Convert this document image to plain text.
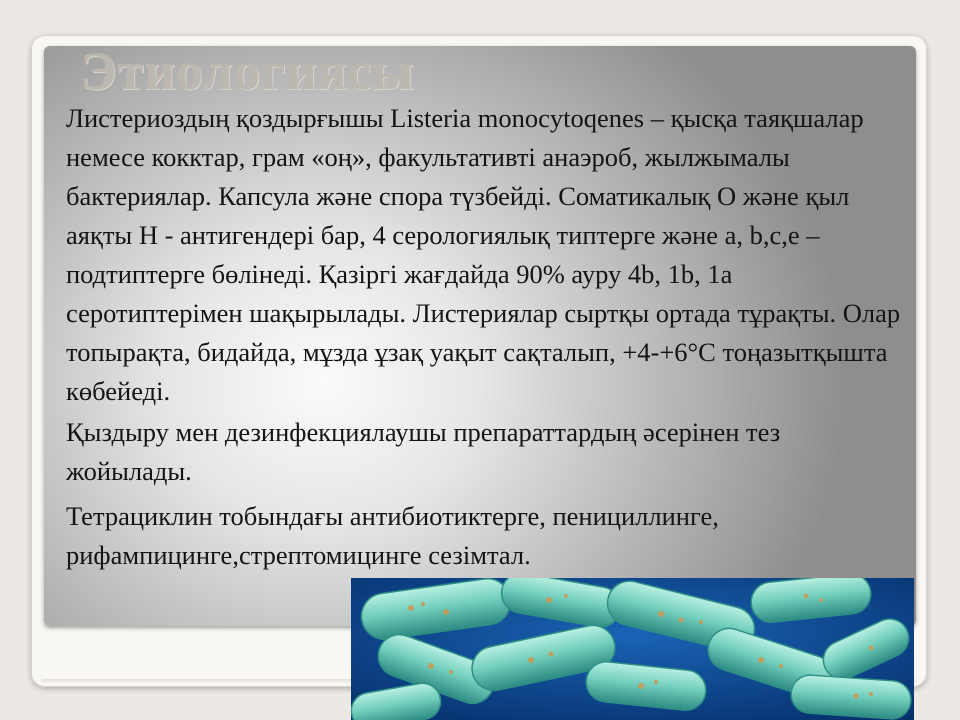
Этиологиясы

Листериоздың қоздырғышы Listeria monocytoqenes – қысқа таяқшалар немесе кокктар, грам «оң», факультативті анаэроб, жылжымалы бактериялар. Капсула және спора түзбейді. Соматикалық О және қыл аяқты Н - антигендері бар, 4 серологиялық типтерге және а, b,c,e – подтиптерге бөлінеді. Қазіргі жағдайда 90% ауру 4b, 1b, 1a серотиптерімен шақырылады. Листериялар сыртқы ортада тұрақты. Олар топырақта, бидайда, мұзда ұзақ уақыт сақталып, +4-+6°С тоңазытқышта көбейеді.

Қыздыру мен дезинфекциялаушы препараттардың әсерінен тез жойылады.

Тетрациклин тобындағы антибиотиктерге, пенициллинге, рифампицинге,стрептомицинге сезімтал.
